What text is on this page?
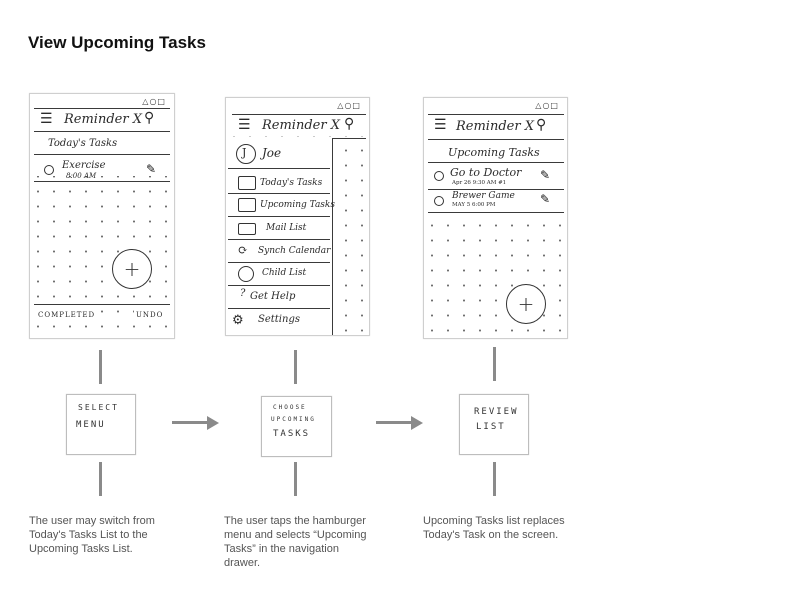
View Upcoming Tasks
△○□
☰ Reminder X ⚲
Today's Tasks
Exercise
8:00 AM	✎
+
COMPLETED	UNDO
△○□
☰ Reminder X ⚲
J Joe
Today's Tasks
Upcoming Tasks
Mail List
⟳ Synch Calendar
Child List
? Get Help
⚙ Settings
△○□
☰ Reminder X ⚲
Upcoming Tasks
Go to Doctor
Apr 26 9:30 AM #1
✎
Brewer Game
MAY 5 6:00 PM	✎
+
SELECT
MENU
CHOOSE
UPCOMING
TASKS
REVIEW
LIST
The user may switch from Today's Tasks List to the Upcoming Tasks List.
The user taps the hamburger menu and selects “Upcoming Tasks” in the navigation drawer.
Upcoming Tasks list replaces Today's Task on the screen.
